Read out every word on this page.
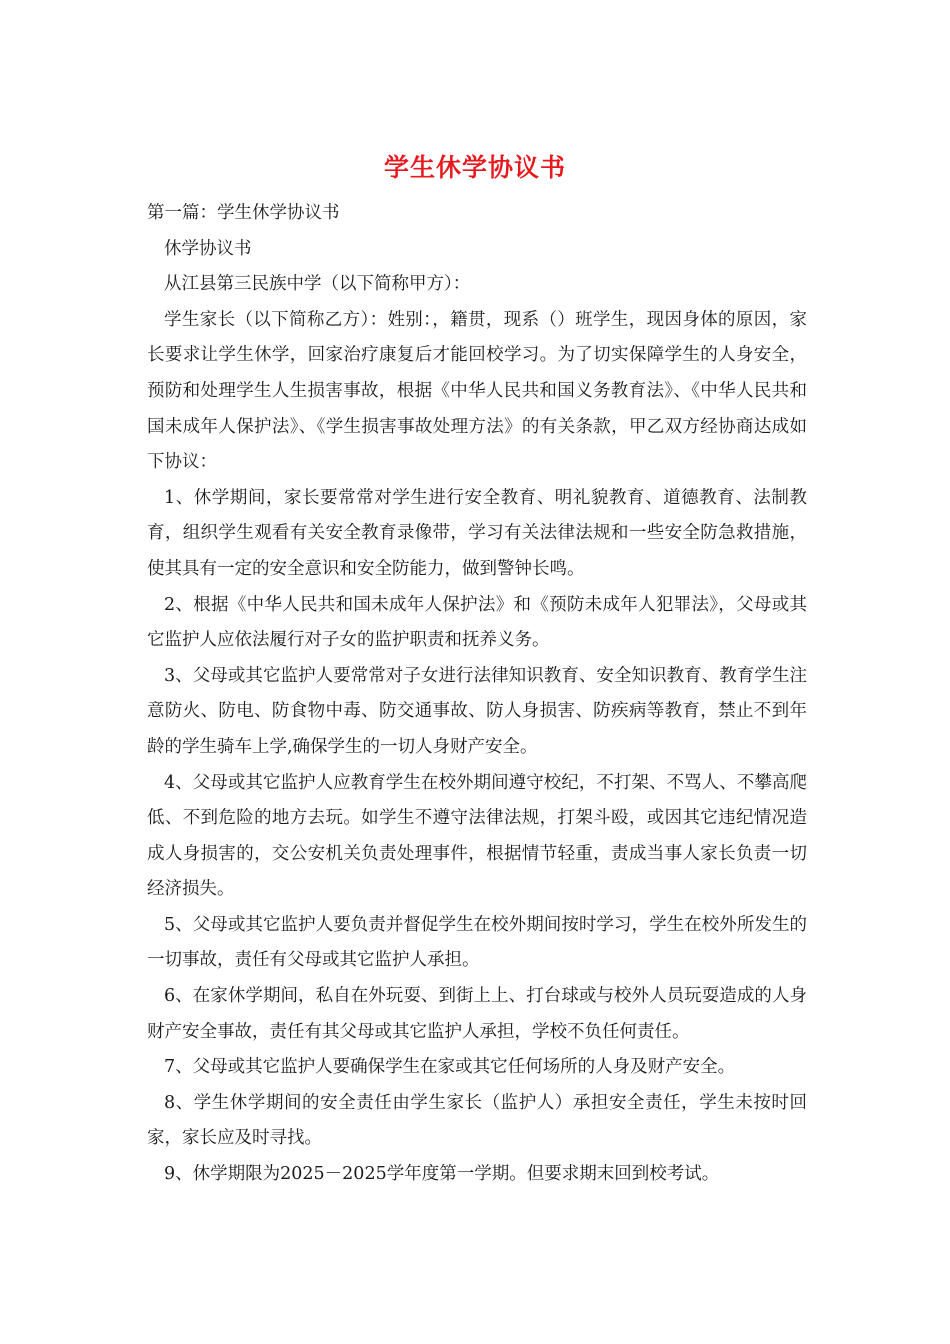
学生休学协议书

第一篇：学生休学协议书

休学协议书

从江县第三民族中学（以下简称甲方）：

学生家长（以下简称乙方）：姓别：，籍贯，现系（）班学生，现因身体的原因，家长要求让学生休学，回家治疗康复后才能回校学习。为了切实保障学生的人身安全，预防和处理学生人生损害事故，根据《中华人民共和国义务教育法》、《中华人民共和国未成年人保护法》、《学生损害事故处理方法》的有关条款，甲乙双方经协商达成如下协议：

1、休学期间，家长要常常对学生进行安全教育、明礼貌教育、道德教育、法制教育，组织学生观看有关安全教育录像带，学习有关法律法规和一些安全防急救措施，使其具有一定的安全意识和安全防能力，做到警钟长鸣。

2、根据《中华人民共和国未成年人保护法》和《预防未成年人犯罪法》，父母或其它监护人应依法履行对子女的监护职责和抚养义务。

3、父母或其它监护人要常常对子女进行法律知识教育、安全知识教育、教育学生注意防火、防电、防食物中毒、防交通事故、防人身损害、防疾病等教育，禁止不到年龄的学生骑车上学,确保学生的一切人身财产安全。

4、父母或其它监护人应教育学生在校外期间遵守校纪，不打架、不骂人、不攀高爬低、不到危险的地方去玩。如学生不遵守法律法规，打架斗殴，或因其它违纪情况造成人身损害的，交公安机关负责处理事件，根据情节轻重，责成当事人家长负责一切经济损失。

5、父母或其它监护人要负责并督促学生在校外期间按时学习，学生在校外所发生的一切事故，责任有父母或其它监护人承担。

6、在家休学期间，私自在外玩耍、到街上上、打台球或与校外人员玩耍造成的人身财产安全事故，责任有其父母或其它监护人承担，学校不负任何责任。

7、父母或其它监护人要确保学生在家或其它任何场所的人身及财产安全。

8、学生休学期间的安全责任由学生家长（监护人）承担安全责任，学生未按时回家，家长应及时寻找。

9、休学期限为2025－2025学年度第一学期。但要求期末回到校考试。
